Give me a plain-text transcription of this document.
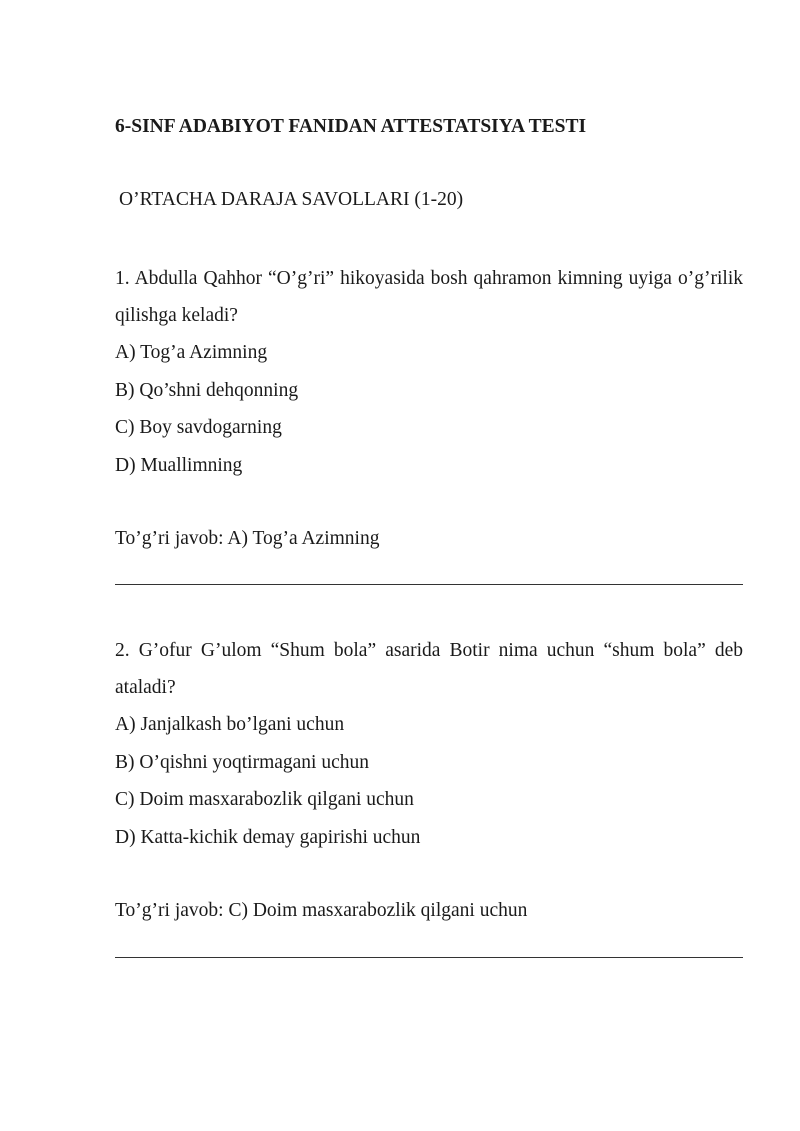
6-SINF ADABIYOT FANIDAN ATTESTATSIYA TESTI
O’RTACHA DARAJA SAVOLLARI (1-20)

1. Abdulla Qahhor “O’g’ri” hikoyasida bosh qahramon kimning uyiga o’g’rilik qilishga keladi?

A) Tog’a Azimning

B) Qo’shni dehqonning

C) Boy savdogarning

D) Muallimning

To’g’ri javob: A) Tog’a Azimning

2. G’ofur G’ulom “Shum bola” asarida Botir nima uchun “shum bola” deb ataladi?

A) Janjalkash bo’lgani uchun

B) O’qishni yoqtirmagani uchun

C) Doim masxarabozlik qilgani uchun

D) Katta-kichik demay gapirishi uchun

To’g’ri javob: C) Doim masxarabozlik qilgani uchun
